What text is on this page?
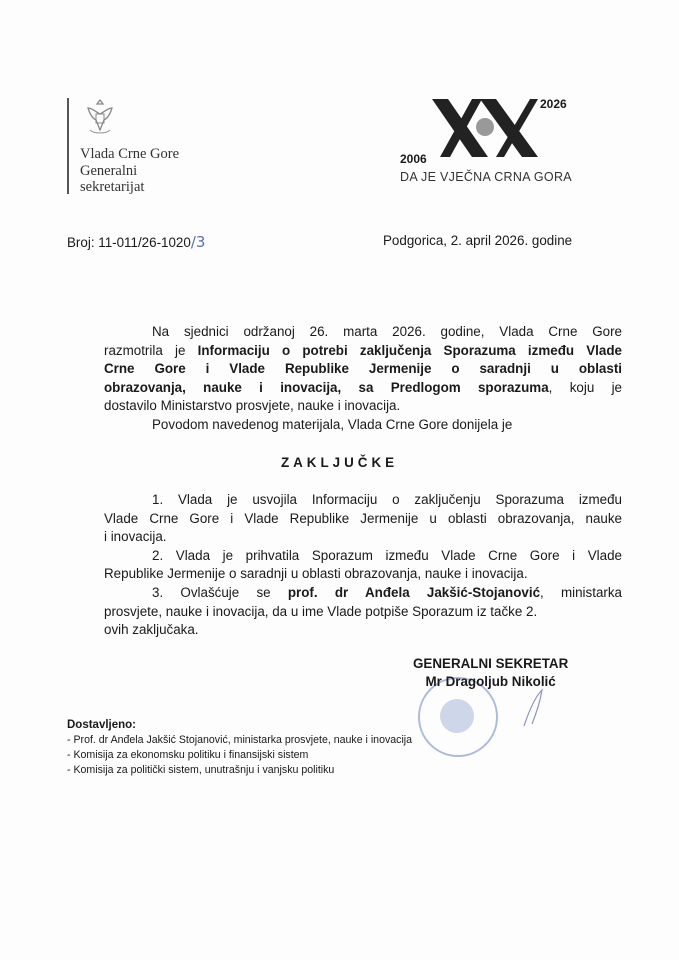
Vlada Crne Gore
Generalni
sekretarijat
2006
2026
DA JE VJEČNA CRNA GORA
Broj: 11-011/26-1020/3	Podgorica, 2. april 2026. godine
Na sjednici održanoj 26. marta 2026. godine, Vlada Crne Gore
razmotrila je Informaciju o potrebi zaključenja Sporazuma između Vlade
Crne Gore i Vlade Republike Jermenije o saradnji u oblasti
obrazovanja, nauke i inovacija, sa Predlogom sporazuma, koju je
dostavilo Ministarstvo prosvjete, nauke i inovacija.
Povodom navedenog materijala, Vlada Crne Gore donijela je
ZAKLJUČKE
1. Vlada je usvojila Informaciju o zaključenju Sporazuma između
Vlade Crne Gore i Vlade Republike Jermenije u oblasti obrazovanja, nauke
i inovacija.
2. Vlada je prihvatila Sporazum između Vlade Crne Gore i Vlade
Republike Jermenije o saradnji u oblasti obrazovanja, nauke i inovacija.
3. Ovlašćuje se prof. dr Anđela Jakšić-Stojanović, ministarka
prosvjete, nauke i inovacija, da u ime Vlade potpiše Sporazum iz tačke 2.
ovih zaključaka.
GENERALNI SEKRETAR
Mr Dragoljub Nikolić
Dostavljeno:
- Prof. dr Anđela Jakšić Stojanović, ministarka prosvjete, nauke i inovacija
- Komisija za ekonomsku politiku i finansijski sistem
- Komisija za politički sistem, unutrašnju i vanjsku politiku
